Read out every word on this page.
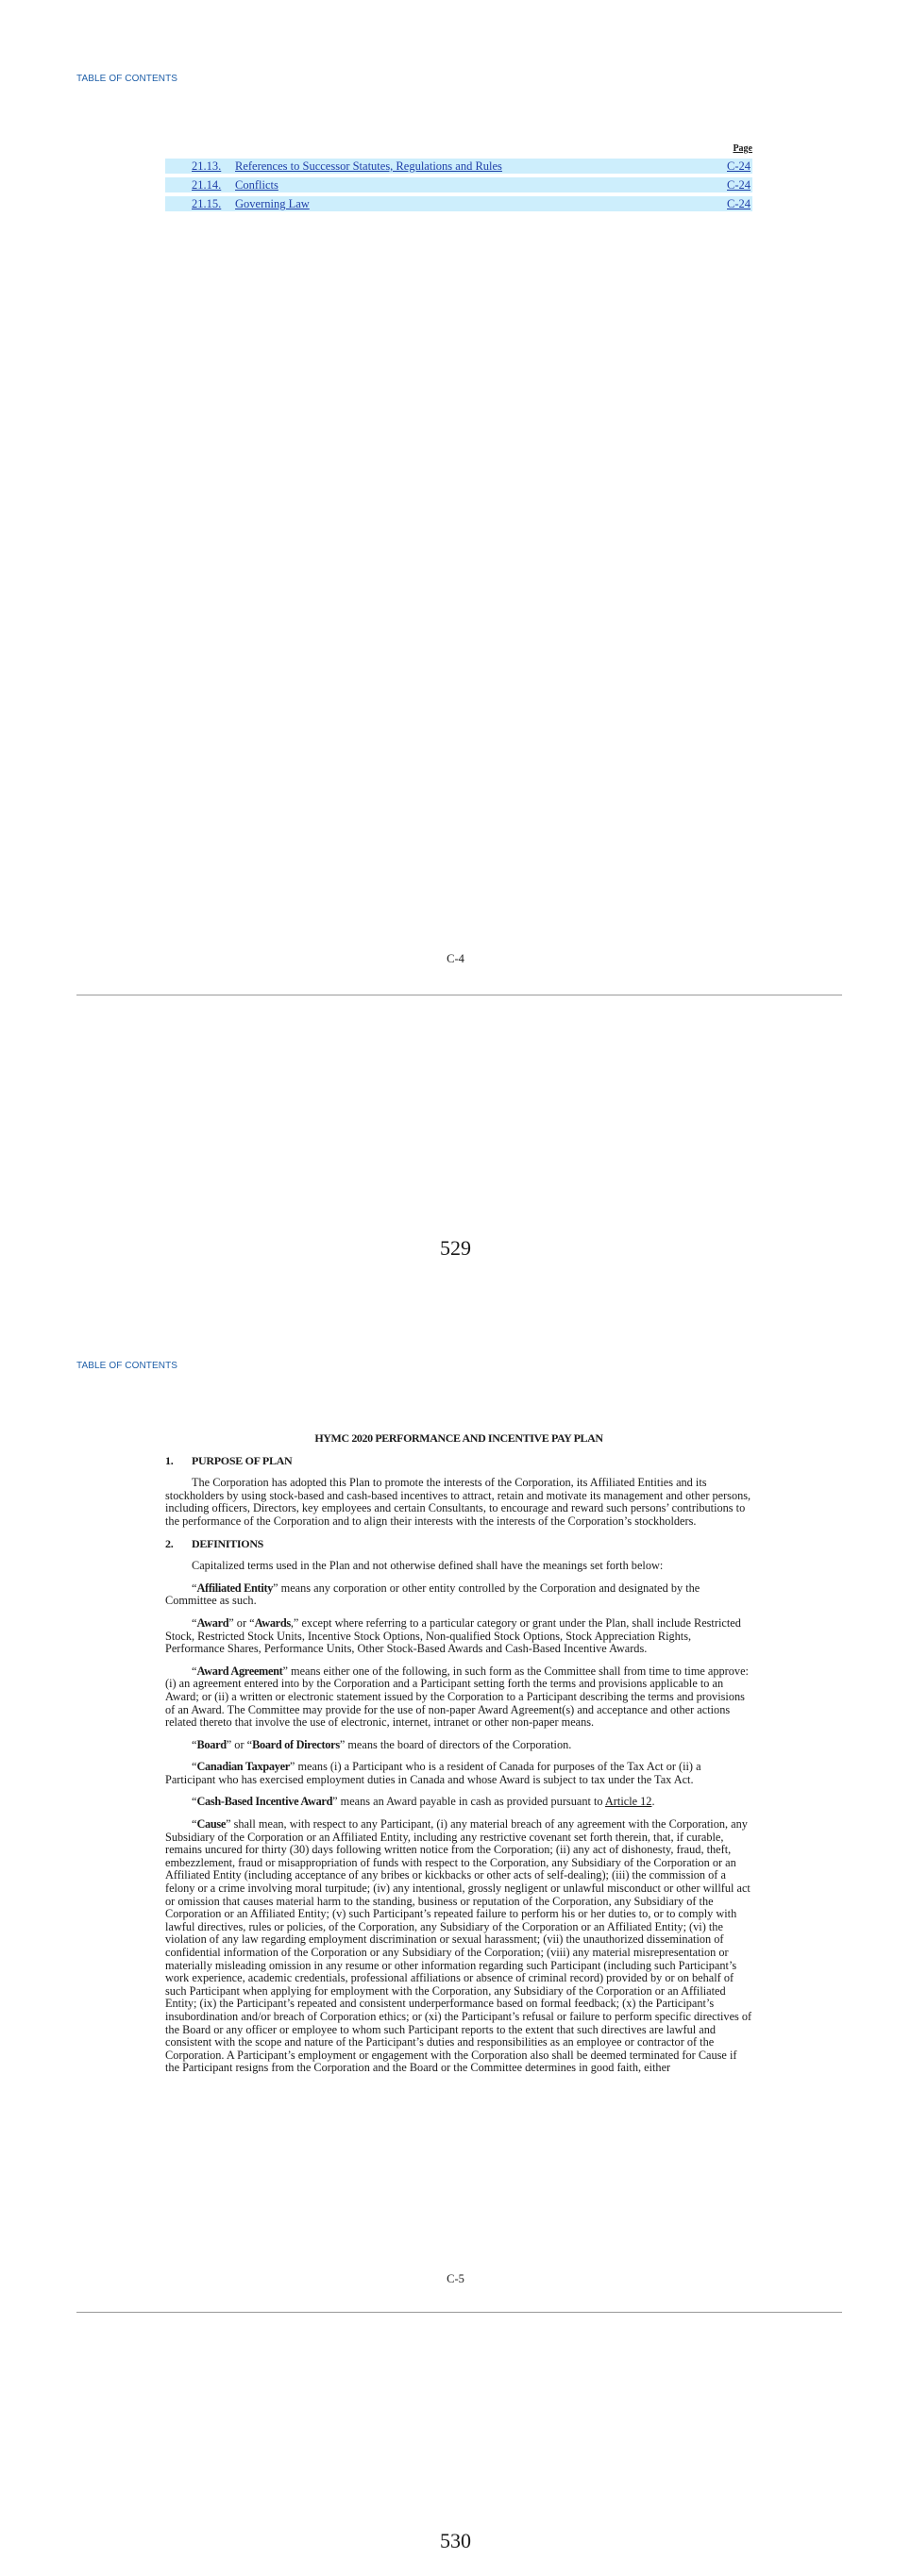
TABLE OF CONTENTS
Page
21.13. References to Successor Statutes, Regulations and Rules	C-24
21.14. Conflicts	C-24
21.15. Governing Law	C-24
C-4
529
TABLE OF CONTENTS
HYMC 2020 PERFORMANCE AND INCENTIVE PAY PLAN
1. PURPOSE OF PLAN

The Corporation has adopted this Plan to promote the interests of the Corporation, its Affiliated Entities and its stockholders by using stock-based and cash-based incentives to attract, retain and motivate its management and other persons, including officers, Directors, key employees and certain Consultants, to encourage and reward such persons’ contributions to the performance of the Corporation and to align their interests with the interests of the Corporation’s stockholders.

2. DEFINITIONS

Capitalized terms used in the Plan and not otherwise defined shall have the meanings set forth below:

“Affiliated Entity” means any corporation or other entity controlled by the Corporation and designated by the Committee as such.

“Award” or “Awards,” except where referring to a particular category or grant under the Plan, shall include Restricted Stock, Restricted Stock Units, Incentive Stock Options, Non-qualified Stock Options, Stock Appreciation Rights, Performance Shares, Performance Units, Other Stock-Based Awards and Cash-Based Incentive Awards.

“Award Agreement” means either one of the following, in such form as the Committee shall from time to time approve: (i) an agreement entered into by the Corporation and a Participant setting forth the terms and provisions applicable to an Award; or (ii) a written or electronic statement issued by the Corporation to a Participant describing the terms and provisions of an Award. The Committee may provide for the use of non-paper Award Agreement(s) and acceptance and other actions related thereto that involve the use of electronic, internet, intranet or other non-paper means.

“Board” or “Board of Directors” means the board of directors of the Corporation.

“Canadian Taxpayer” means (i) a Participant who is a resident of Canada for purposes of the Tax Act or (ii) a Participant who has exercised employment duties in Canada and whose Award is subject to tax under the Tax Act.

“Cash-Based Incentive Award” means an Award payable in cash as provided pursuant to Article 12.

“Cause” shall mean, with respect to any Participant, (i) any material breach of any agreement with the Corporation, any Subsidiary of the Corporation or an Affiliated Entity, including any restrictive covenant set forth therein, that, if curable, remains uncured for thirty (30) days following written notice from the Corporation; (ii) any act of dishonesty, fraud, theft, embezzlement, fraud or misappropriation of funds with respect to the Corporation, any Subsidiary of the Corporation or an Affiliated Entity (including acceptance of any bribes or kickbacks or other acts of self-dealing); (iii) the commission of a felony or a crime involving moral turpitude; (iv) any intentional, grossly negligent or unlawful misconduct or other willful act or omission that causes material harm to the standing, business or reputation of the Corporation, any Subsidiary of the Corporation or an Affiliated Entity; (v) such Participant’s repeated failure to perform his or her duties to, or to comply with lawful directives, rules or policies, of the Corporation, any Subsidiary of the Corporation or an Affiliated Entity; (vi) the violation of any law regarding employment discrimination or sexual harassment; (vii) the unauthorized dissemination of confidential information of the Corporation or any Subsidiary of the Corporation; (viii) any material misrepresentation or materially misleading omission in any resume or other information regarding such Participant (including such Participant’s work experience, academic credentials, professional affiliations or absence of criminal record) provided by or on behalf of such Participant when applying for employment with the Corporation, any Subsidiary of the Corporation or an Affiliated Entity; (ix) the Participant’s repeated and consistent underperformance based on formal feedback; (x) the Participant’s insubordination and/or breach of Corporation ethics; or (xi) the Participant’s refusal or failure to perform specific directives of the Board or any officer or employee to whom such Participant reports to the extent that such directives are lawful and consistent with the scope and nature of the Participant’s duties and responsibilities as an employee or contractor of the Corporation. A Participant’s employment or engagement with the Corporation also shall be deemed terminated for Cause if the Participant resigns from the Corporation and the Board or the Committee determines in good faith, either

C-5
530
